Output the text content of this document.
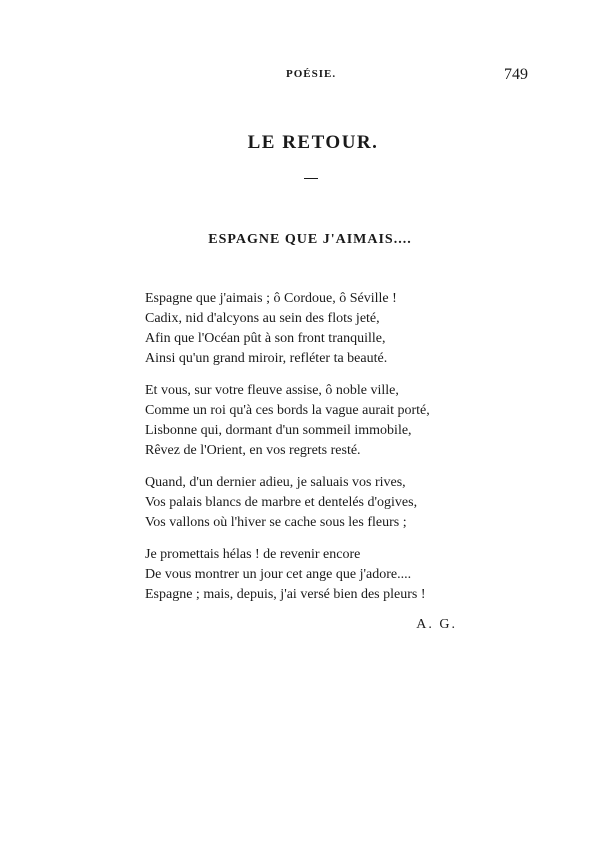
POÉSIE.	749
LE RETOUR.
ESPAGNE QUE J'AIMAIS....
Espagne que j'aimais ; ô Cordoue, ô Séville !
Cadix, nid d'alcyons au sein des flots jeté,
Afin que l'Océan pût à son front tranquille,
Ainsi qu'un grand miroir, refléter ta beauté.
Et vous, sur votre fleuve assise, ô noble ville,
Comme un roi qu'à ces bords la vague aurait porté,
Lisbonne qui, dormant d'un sommeil immobile,
Rêvez de l'Orient, en vos regrets resté.
Quand, d'un dernier adieu, je saluais vos rives,
Vos palais blancs de marbre et dentelés d'ogives,
Vos vallons où l'hiver se cache sous les fleurs ;
Je promettais hélas ! de revenir encore
De vous montrer un jour cet ange que j'adore....
Espagne ; mais, depuis, j'ai versé bien des pleurs !
A. G.
